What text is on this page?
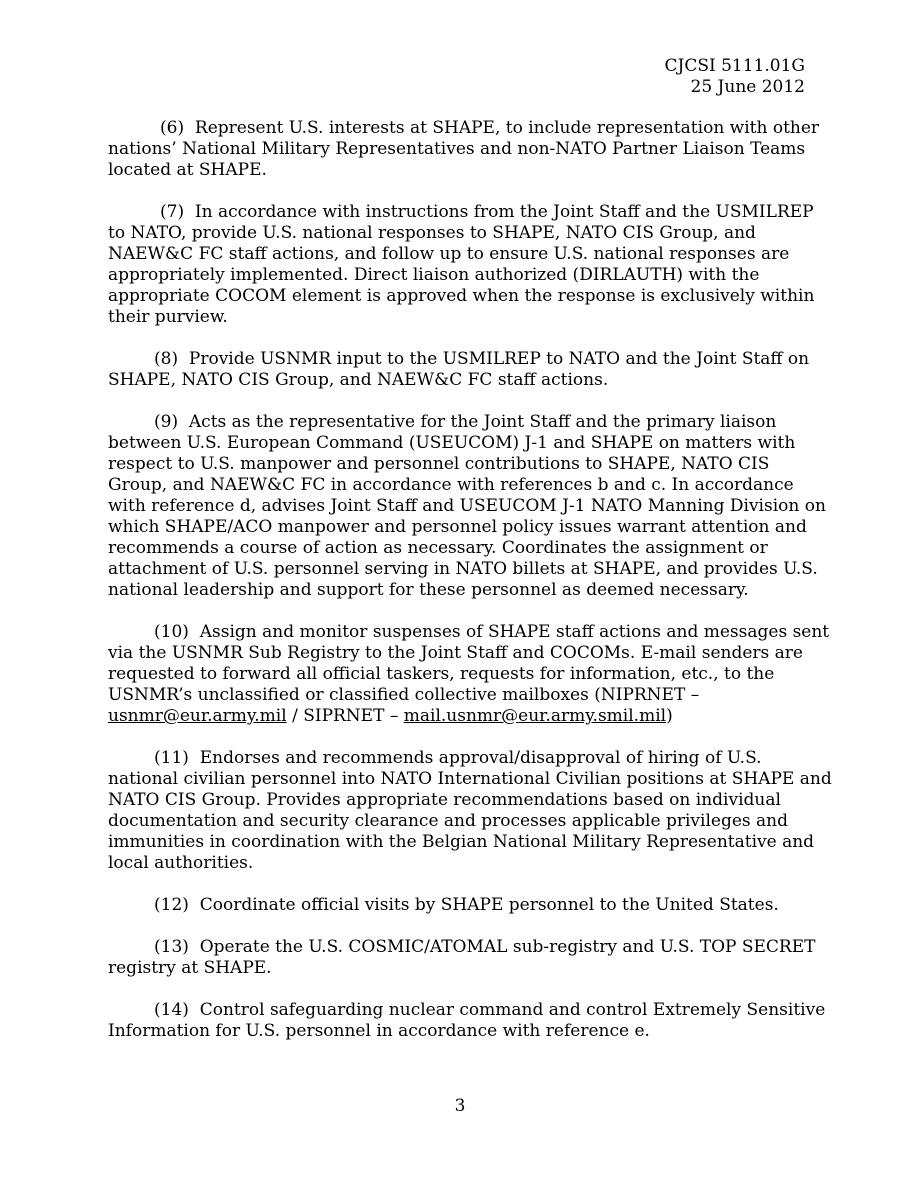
CJCSI 5111.01G
25 June 2012

(6) Represent U.S. interests at SHAPE, to include representation with other nations’ National Military Representatives and non-NATO Partner Liaison Teams located at SHAPE.

(7) In accordance with instructions from the Joint Staff and the USMILREP to NATO, provide U.S. national responses to SHAPE, NATO CIS Group, and NAEW&C FC staff actions, and follow up to ensure U.S. national responses are appropriately implemented. Direct liaison authorized (DIRLAUTH) with the appropriate COCOM element is approved when the response is exclusively within their purview.

(8) Provide USNMR input to the USMILREP to NATO and the Joint Staff on SHAPE, NATO CIS Group, and NAEW&C FC staff actions.

(9) Acts as the representative for the Joint Staff and the primary liaison between U.S. European Command (USEUCOM) J-1 and SHAPE on matters with respect to U.S. manpower and personnel contributions to SHAPE, NATO CIS Group, and NAEW&C FC in accordance with references b and c. In accordance with reference d, advises Joint Staff and USEUCOM J-1 NATO Manning Division on which SHAPE/ACO manpower and personnel policy issues warrant attention and recommends a course of action as necessary. Coordinates the assignment or attachment of U.S. personnel serving in NATO billets at SHAPE, and provides U.S. national leadership and support for these personnel as deemed necessary.

(10) Assign and monitor suspenses of SHAPE staff actions and messages sent via the USNMR Sub Registry to the Joint Staff and COCOMs. E-mail senders are requested to forward all official taskers, requests for information, etc., to the USNMR’s unclassified or classified collective mailboxes (NIPRNET – usnmr@eur.army.mil / SIPRNET – mail.usnmr@eur.army.smil.mil)

(11) Endorses and recommends approval/disapproval of hiring of U.S. national civilian personnel into NATO International Civilian positions at SHAPE and NATO CIS Group. Provides appropriate recommendations based on individual documentation and security clearance and processes applicable privileges and immunities in coordination with the Belgian National Military Representative and local authorities.

(12) Coordinate official visits by SHAPE personnel to the United States.

(13) Operate the U.S. COSMIC/ATOMAL sub-registry and U.S. TOP SECRET registry at SHAPE.

(14) Control safeguarding nuclear command and control Extremely Sensitive Information for U.S. personnel in accordance with reference e.

3
